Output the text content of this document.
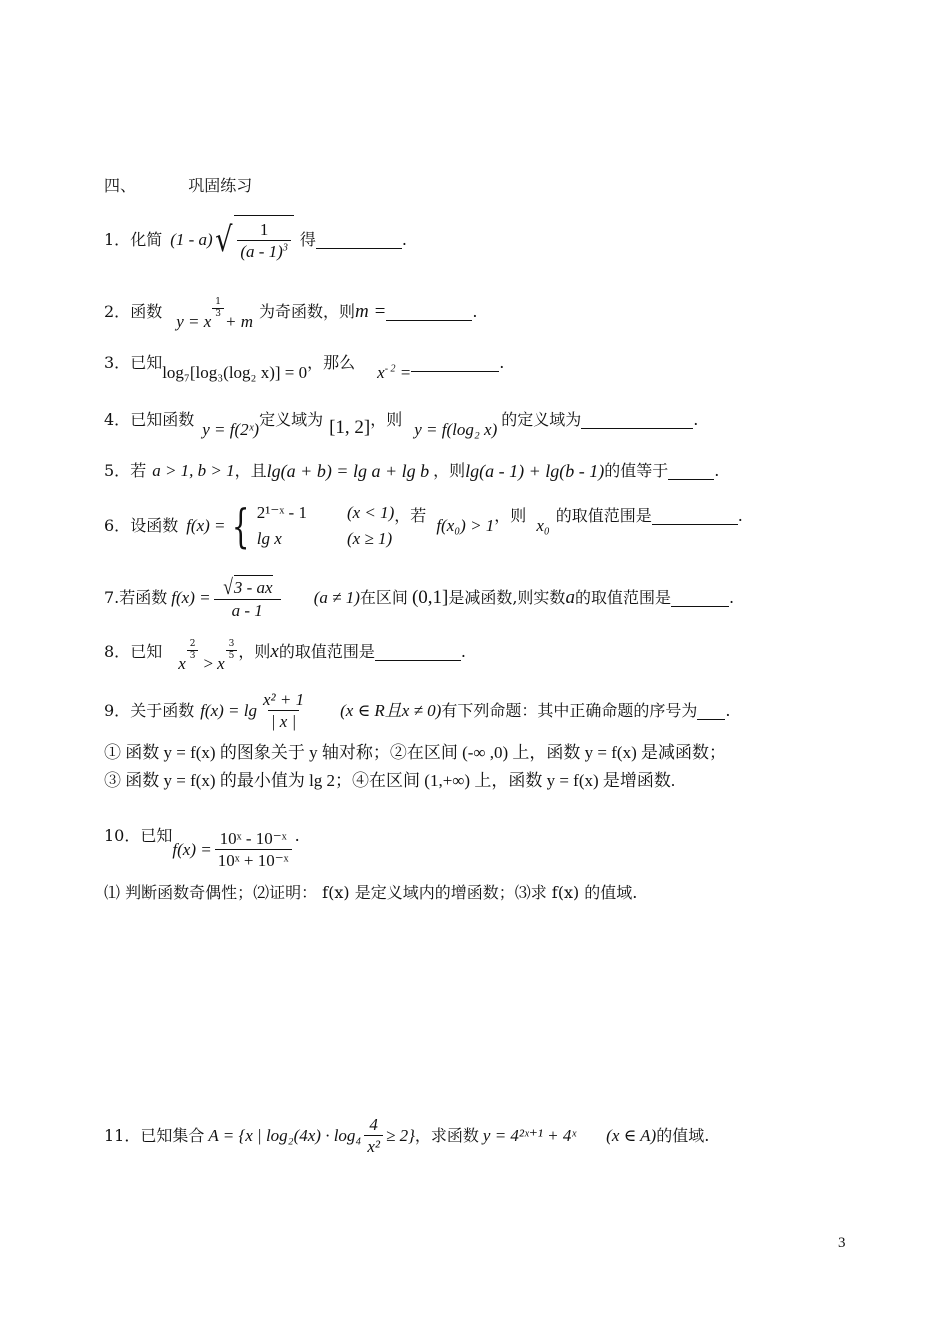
四、	巩固练习
1． 化简 (1 - a) √ $\frac{1}{(a - 1)^3}$ 得	.
2． 函数
y = x
$\frac{1}{3}$
+ m
为奇函数，则 m =	.
3． 已知
log₇[log₃(log₂ x)] = 0
，那么
$x^{- 2}$ =
.
4． 已知函数
y = f(2ˣ)
定义域为 [1, 2] ，则
y = f(log₂ x)
的定义域为	.
5． 若 a > 1, b > 1 ，且 lg(a + b) = lg a + lg b ，则 lg(a - 1) + lg(b - 1) 的值等于	.
6． 设函数 f(x) = { 2¹⁻ˣ - 1 (x < 1)
lg x	(x ≥ 1)
，若
f(x₀) > 1
，则
x₀
的取值范围是	.
7. 若函数 $f(x) = \frac{√ 3 - ax}{a - 1} (a \ne 1)$ 在区间 (0,1] 是减函数,则实数 a 的取值范围是	.
8． 已知
x
$\frac{2}{3}$
> x
$\frac{3}{5}$ ，则 x 的取值范围是	.
9． 关于函数 $f(x) = \lg \frac{\text{x² + 1}}{| x |} (x$ ∈ R且x ≠ 0) 有下列命题：其中正确命题的序号为 .
① 函数 y = f(x) 的图象关于 y 轴对称；②在区间 (-∞ ,0) 上，函数 y = f(x) 是减函数；
③ 函数 y = f(x) 的最小值为 lg 2；④在区间 (1,+∞) 上，函数 y = f(x) 是增函数.
10． 已知
$f(x) = \frac{\text{10ˣ - 10⁻ˣ}}{\text{10ˣ + 10⁻ˣ}}$ .
⑴ 判断函数奇偶性；⑵证明： f(x) 是定义域内的增函数；⑶求 f(x) 的值域.
11． 已知集合 A = {x | $\log_2(4x) \cdot \log_4 \frac{4}{\text{x²}} \ge 2$} ，求函数 y = 4²ˣ⁺¹ + 4ˣ (x ∈ A) 的值域.
3
